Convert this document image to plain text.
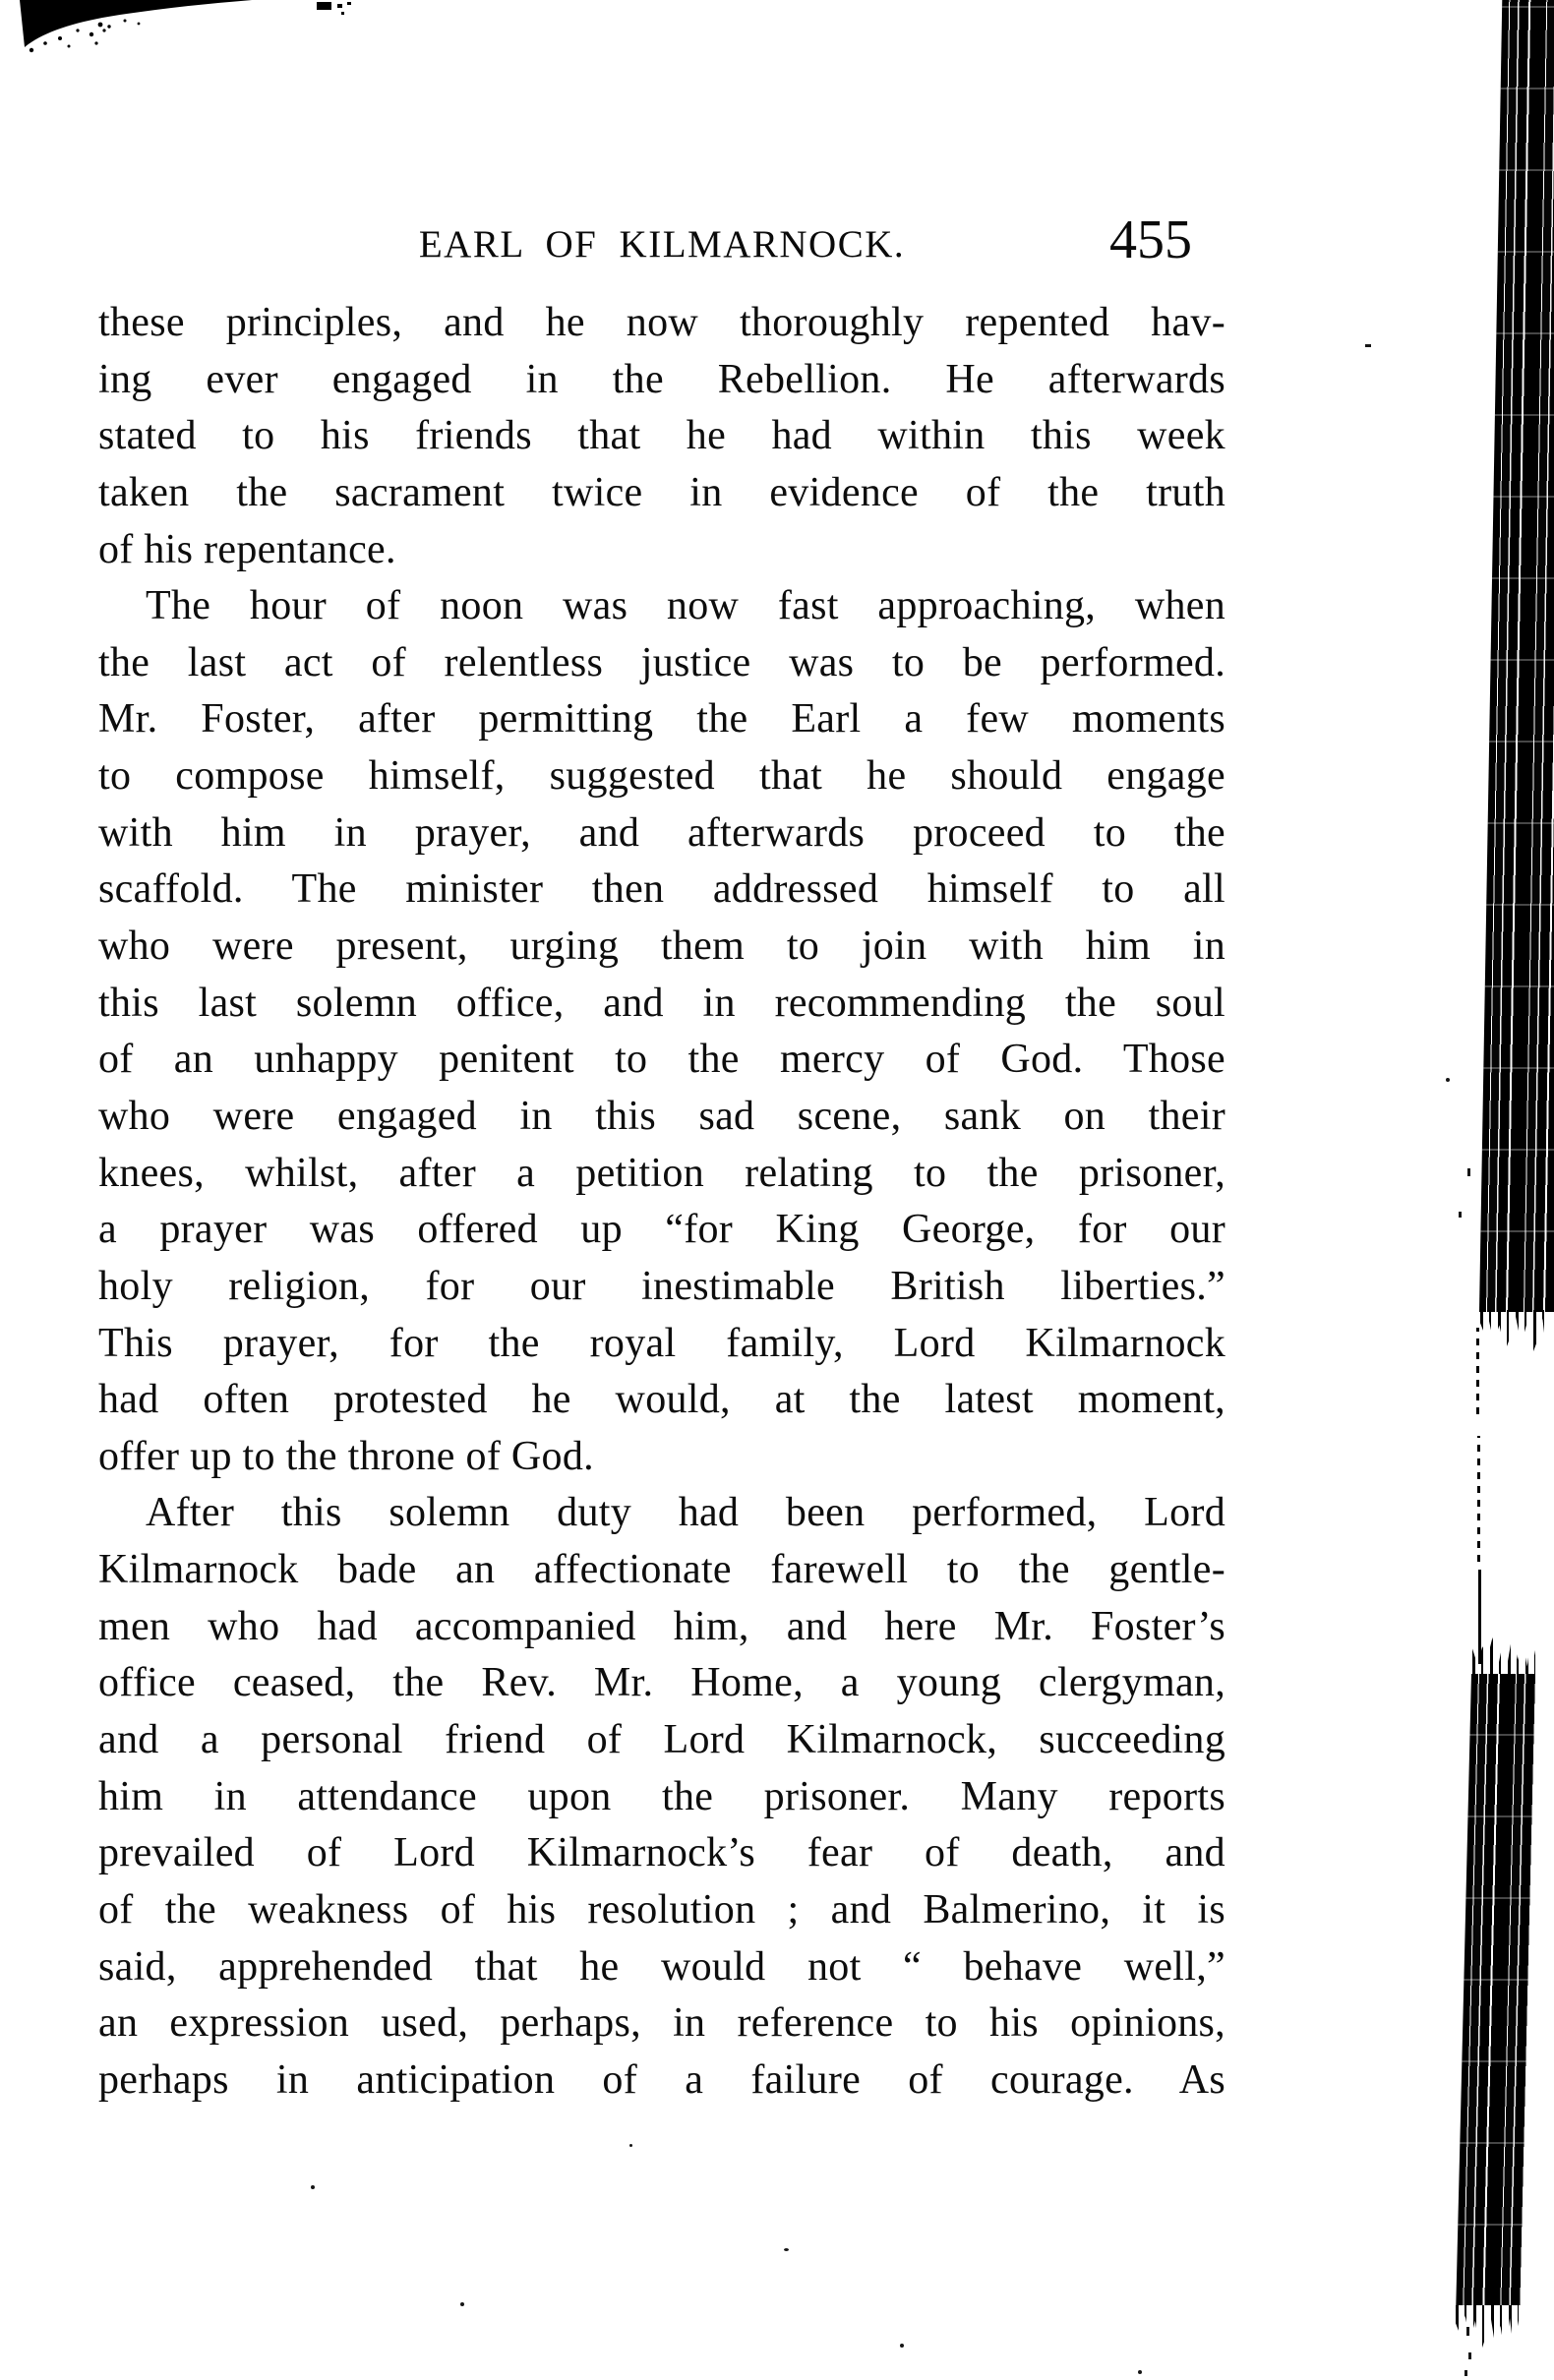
EARL OF KILMARNOCK.	455
these principles, and he now thoroughly repented hav-
ing ever engaged in the Rebellion. He afterwards
stated to his friends that he had within this week
taken the sacrament twice in evidence of the truth
of his repentance.
The hour of noon was now fast approaching, when
the last act of relentless justice was to be performed.
Mr. Foster, after permitting the Earl a few moments
to compose himself, suggested that he should engage
with him in prayer, and afterwards proceed to the
scaffold. The minister then addressed himself to all
who were present, urging them to join with him in
this last solemn office, and in recommending the soul
of an unhappy penitent to the mercy of God. Those
who were engaged in this sad scene, sank on their
knees, whilst, after a petition relating to the prisoner,
a prayer was offered up “for King George, for our
holy religion, for our inestimable British liberties.”
This prayer, for the royal family, Lord Kilmarnock
had often protested he would, at the latest moment,
offer up to the throne of God.
After this solemn duty had been performed, Lord
Kilmarnock bade an affectionate farewell to the gentle-
men who had accompanied him, and here Mr. Foster’s
office ceased, the Rev. Mr. Home, a young clergyman,
and a personal friend of Lord Kilmarnock, succeeding
him in attendance upon the prisoner. Many reports
prevailed of Lord Kilmarnock’s fear of death, and
of the weakness of his resolution ; and Balmerino, it is
said, apprehended that he would not “ behave well,”
an expression used, perhaps, in reference to his opinions,
perhaps in anticipation of a failure of courage. As
